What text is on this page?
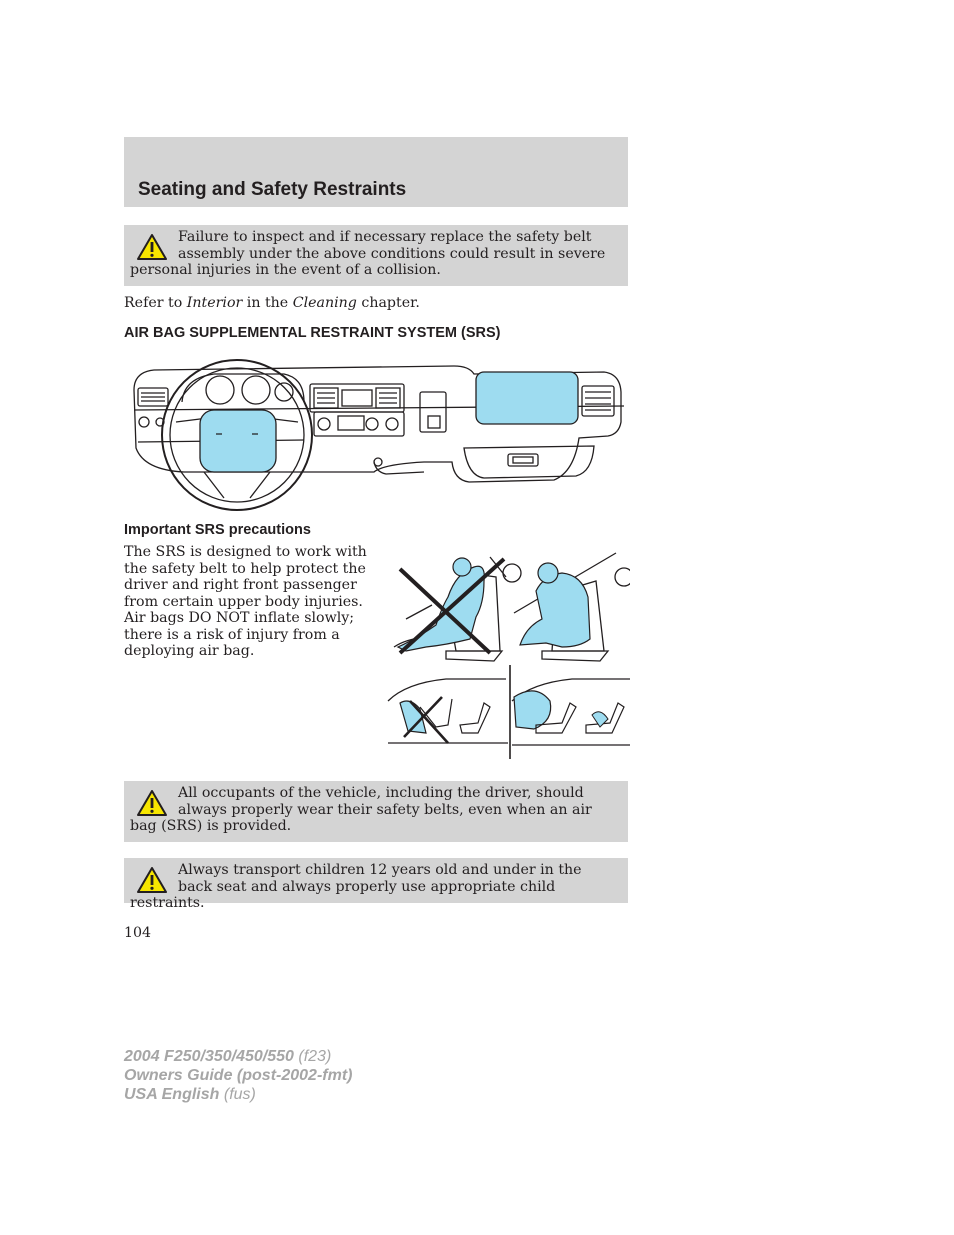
Seating and Safety Restraints

Failure to inspect and if necessary replace the safety belt assembly under the above conditions could result in severe personal injuries in the event of a collision.

Refer to Interior in the Cleaning chapter.

AIR BAG SUPPLEMENTAL RESTRAINT SYSTEM (SRS)
Important SRS precautions

The SRS is designed to work with the safety belt to help protect the driver and right front passenger from certain upper body injuries. Air bags DO NOT inflate slowly; there is a risk of injury from a deploying air bag.

All occupants of the vehicle, including the driver, should always properly wear their safety belts, even when an air bag (SRS) is provided.

Always transport children 12 years old and under in the back seat and always properly use appropriate child restraints.

104

2004 F250/350/450/550 (f23)
Owners Guide (post-2002-fmt)
USA English (fus)
